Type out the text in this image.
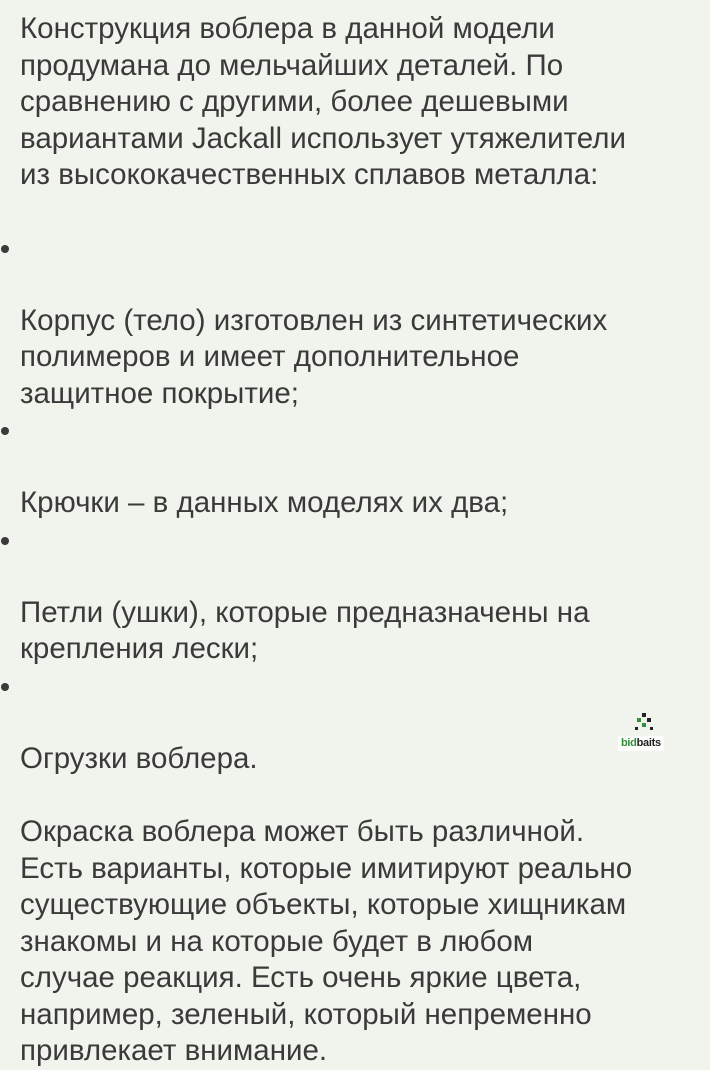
Конструкция воблера в данной модели
продумана до мельчайших деталей. По
сравнению с другими, более дешевыми
вариантами Jackall использует утяжелители
из высококачественных сплавов металла:

Корпус (тело) изготовлен из синтетических
полимеров и имеет дополнительное
защитное покрытие;

Крючки – в данных моделях их два;

Петли (ушки), которые предназначены на
крепления лески;

Огрузки воблера.

Окраска воблера может быть различной.
Есть варианты, которые имитируют реально
существующие объекты, которые хищникам
знакомы и на которые будет в любом
случае реакция. Есть очень яркие цвета,
например, зеленый, который непременно
привлекает внимание.

bidbaits
